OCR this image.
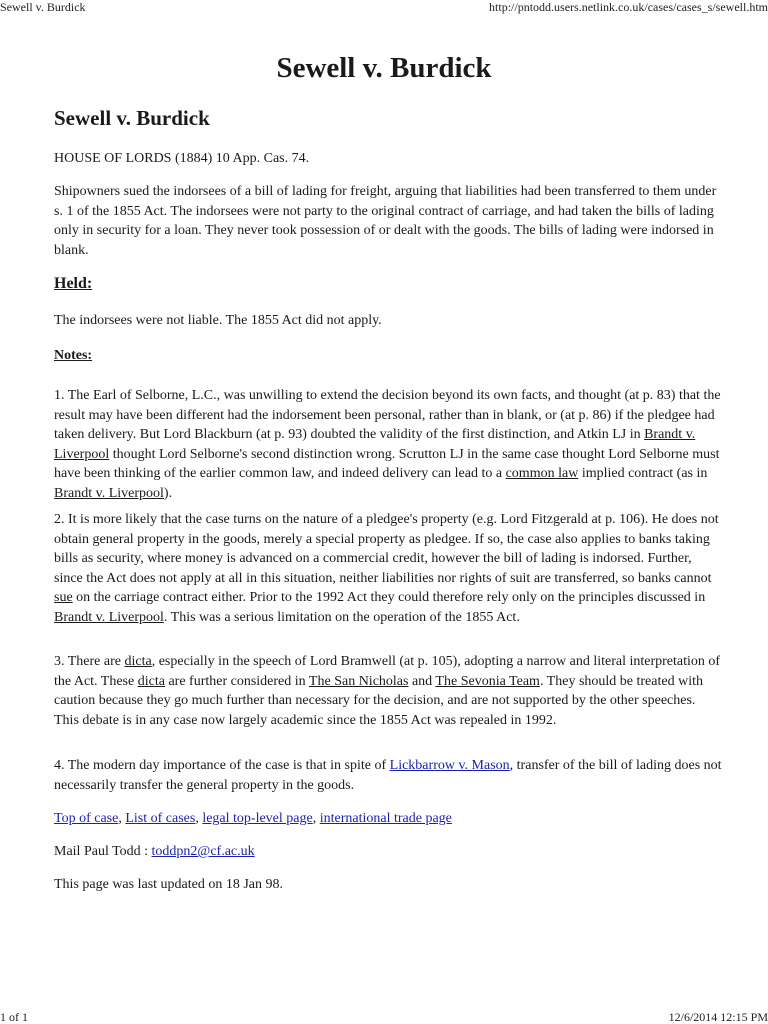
Sewell v. Burdick	http://pntodd.users.netlink.co.uk/cases/cases_s/sewell.htm
Sewell v. Burdick
Sewell v. Burdick

HOUSE OF LORDS (1884) 10 App. Cas. 74.

Shipowners sued the indorsees of a bill of lading for freight, arguing that liabilities had been transferred to them under s. 1 of the 1855 Act. The indorsees were not party to the original contract of carriage, and had taken the bills of lading only in security for a loan. They never took possession of or dealt with the goods. The bills of lading were indorsed in blank.

Held:

The indorsees were not liable. The 1855 Act did not apply.

Notes:

1. The Earl of Selborne, L.C., was unwilling to extend the decision beyond its own facts, and thought (at p. 83) that the result may have been different had the indorsement been personal, rather than in blank, or (at p. 86) if the pledgee had taken delivery. But Lord Blackburn (at p. 93) doubted the validity of the first distinction, and Atkin LJ in Brandt v. Liverpool thought Lord Selborne's second distinction wrong. Scrutton LJ in the same case thought Lord Selborne must have been thinking of the earlier common law, and indeed delivery can lead to a common law implied contract (as in Brandt v. Liverpool).

2. It is more likely that the case turns on the nature of a pledgee's property (e.g. Lord Fitzgerald at p. 106). He does not obtain general property in the goods, merely a special property as pledgee. If so, the case also applies to banks taking bills as security, where money is advanced on a commercial credit, however the bill of lading is indorsed. Further, since the Act does not apply at all in this situation, neither liabilities nor rights of suit are transferred, so banks cannot sue on the carriage contract either. Prior to the 1992 Act they could therefore rely only on the principles discussed in Brandt v. Liverpool. This was a serious limitation on the operation of the 1855 Act.

3. There are dicta, especially in the speech of Lord Bramwell (at p. 105), adopting a narrow and literal interpretation of the Act. These dicta are further considered in The San Nicholas and The Sevonia Team. They should be treated with caution because they go much further than necessary for the decision, and are not supported by the other speeches. This debate is in any case now largely academic since the 1855 Act was repealed in 1992.

4. The modern day importance of the case is that in spite of Lickbarrow v. Mason, transfer of the bill of lading does not necessarily transfer the general property in the goods.

Top of case, List of cases, legal top-level page, international trade page

Mail Paul Todd : toddpn2@cf.ac.uk

This page was last updated on 18 Jan 98.

1 of 1	12/6/2014 12:15 PM
